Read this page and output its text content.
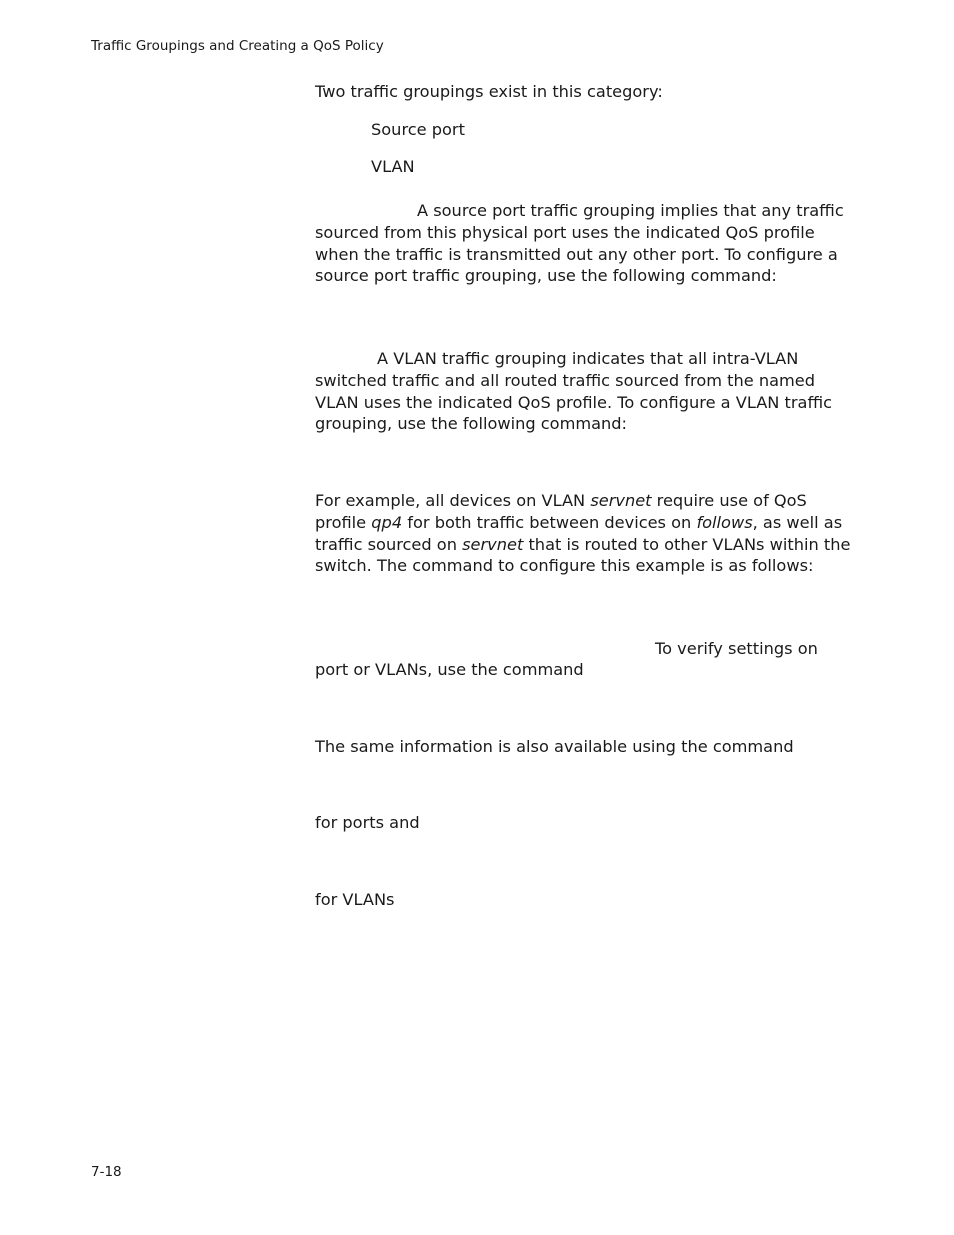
Traffic Groupings and Creating a QoS Policy

Two traffic groupings exist in this category:

Source port
VLAN

A source port traffic grouping implies that any traffic sourced from this physical port uses the indicated QoS profile when the traffic is transmitted out any other port. To configure a source port traffic grouping, use the following command:

A VLAN traffic grouping indicates that all intra-VLAN switched traffic and all routed traffic sourced from the named VLAN uses the indicated QoS profile. To configure a VLAN traffic grouping, use the following command:

For example, all devices on VLAN servnet require use of QoS profile qp4 for both traffic between devices on follows, as well as traffic sourced on servnet that is routed to other VLANs within the switch. The command to configure this example is as follows:

To verify settings on
port or VLANs, use the command
The same information is also available using the command
for ports and
for VLANs
7-18
